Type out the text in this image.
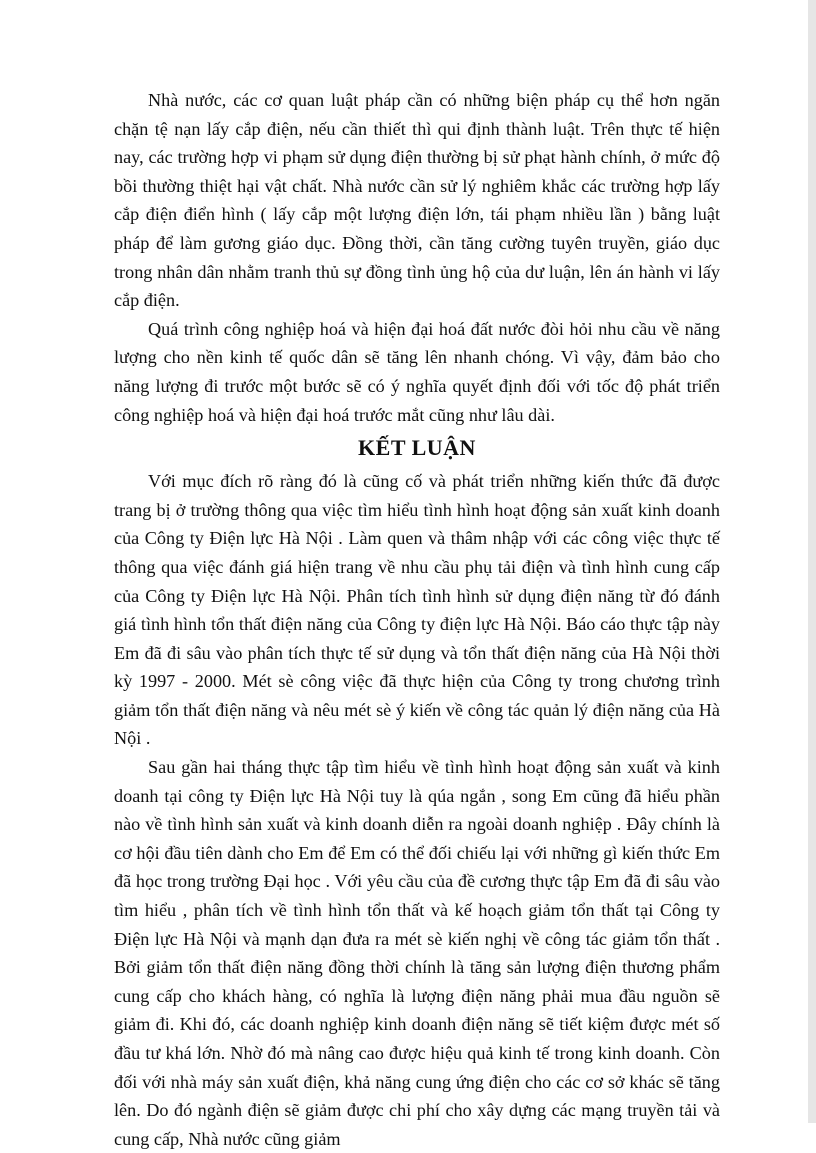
Nhà nước, các cơ quan luật pháp cần có những biện pháp cụ thể hơn ngăn chặn tệ nạn lấy cắp điện, nếu cần thiết thì qui định thành luật. Trên thực tế hiện nay, các trường hợp vi phạm sử dụng điện thường bị sử phạt hành chính, ở mức độ bồi thường thiệt hại vật chất. Nhà nước cần sử lý nghiêm khắc các trường hợp lấy cắp điện điển hình ( lấy cắp một lượng điện lớn, tái phạm nhiều lần ) bằng luật pháp để làm gương giáo dục. Đồng thời, cần tăng cường tuyên truyền, giáo dục trong nhân dân nhằm tranh thủ sự đồng tình ủng hộ của dư luận, lên án hành vi lấy cắp điện.

Quá trình công nghiệp hoá và hiện đại hoá đất nước đòi hỏi nhu cầu về năng lượng cho nền kinh tế quốc dân sẽ tăng lên nhanh chóng. Vì vậy, đảm bảo cho năng lượng đi trước một bước sẽ có ý nghĩa quyết định đối với tốc độ phát triển công nghiệp hoá và hiện đại hoá trước mắt cũng như lâu dài.

KẾT LUẬN

Với mục đích rõ ràng đó là cũng cố và phát triển những kiến thức đã được trang bị ở trường thông qua việc tìm hiểu tình hình hoạt động sản xuất kinh doanh của Công ty Điện lực Hà Nội . Làm quen và thâm nhập với các công việc thực tế thông qua việc đánh giá hiện trang về nhu cầu phụ tải điện và tình hình cung cấp của Công ty Điện lực Hà Nội. Phân tích tình hình sử dụng điện năng từ đó đánh giá tình hình tổn thất điện năng của Công ty điện lực Hà Nội. Báo cáo thực tập này Em đã đi sâu vào phân tích thực tế sử dụng và tổn thất điện năng của Hà Nội thời kỳ 1997 - 2000. Mét sè công việc đã thực hiện của Công ty trong chương trình giảm tổn thất điện năng và nêu mét sè ý kiến về công tác quản lý điện năng của Hà Nội .

Sau gần hai tháng thực tập tìm hiểu về tình hình hoạt động sản xuất và kinh doanh tại công ty Điện lực Hà Nội tuy là qúa ngắn , song Em cũng đã hiểu phần nào về tình hình sản xuất và kinh doanh diễn ra ngoài doanh nghiệp . Đây chính là cơ hội đầu tiên dành cho Em để Em có thể đối chiếu lại với những gì kiến thức Em đã học trong trường Đại học . Với yêu cầu của đề cương thực tập Em đã đi sâu vào tìm hiểu , phân tích về tình hình tổn thất và kế hoạch giảm tổn thất tại Công ty Điện lực Hà Nội và mạnh dạn đưa ra mét sè kiến nghị về công tác giảm tổn thất . Bởi giảm tổn thất điện năng đồng thời chính là tăng sản lượng điện thương phẩm cung cấp cho khách hàng, có nghĩa là lượng điện năng phải mua đầu nguồn sẽ giảm đi. Khi đó, các doanh nghiệp kinh doanh điện năng sẽ tiết kiệm được mét số đầu tư khá lớn. Nhờ đó mà nâng cao được hiệu quả kinh tế trong kinh doanh. Còn đối với nhà máy sản xuất điện, khả năng cung ứng điện cho các cơ sở khác sẽ tăng lên. Do đó ngành điện sẽ giảm được chi phí cho xây dựng các mạng truyền tải và cung cấp, Nhà nước cũng giảm
